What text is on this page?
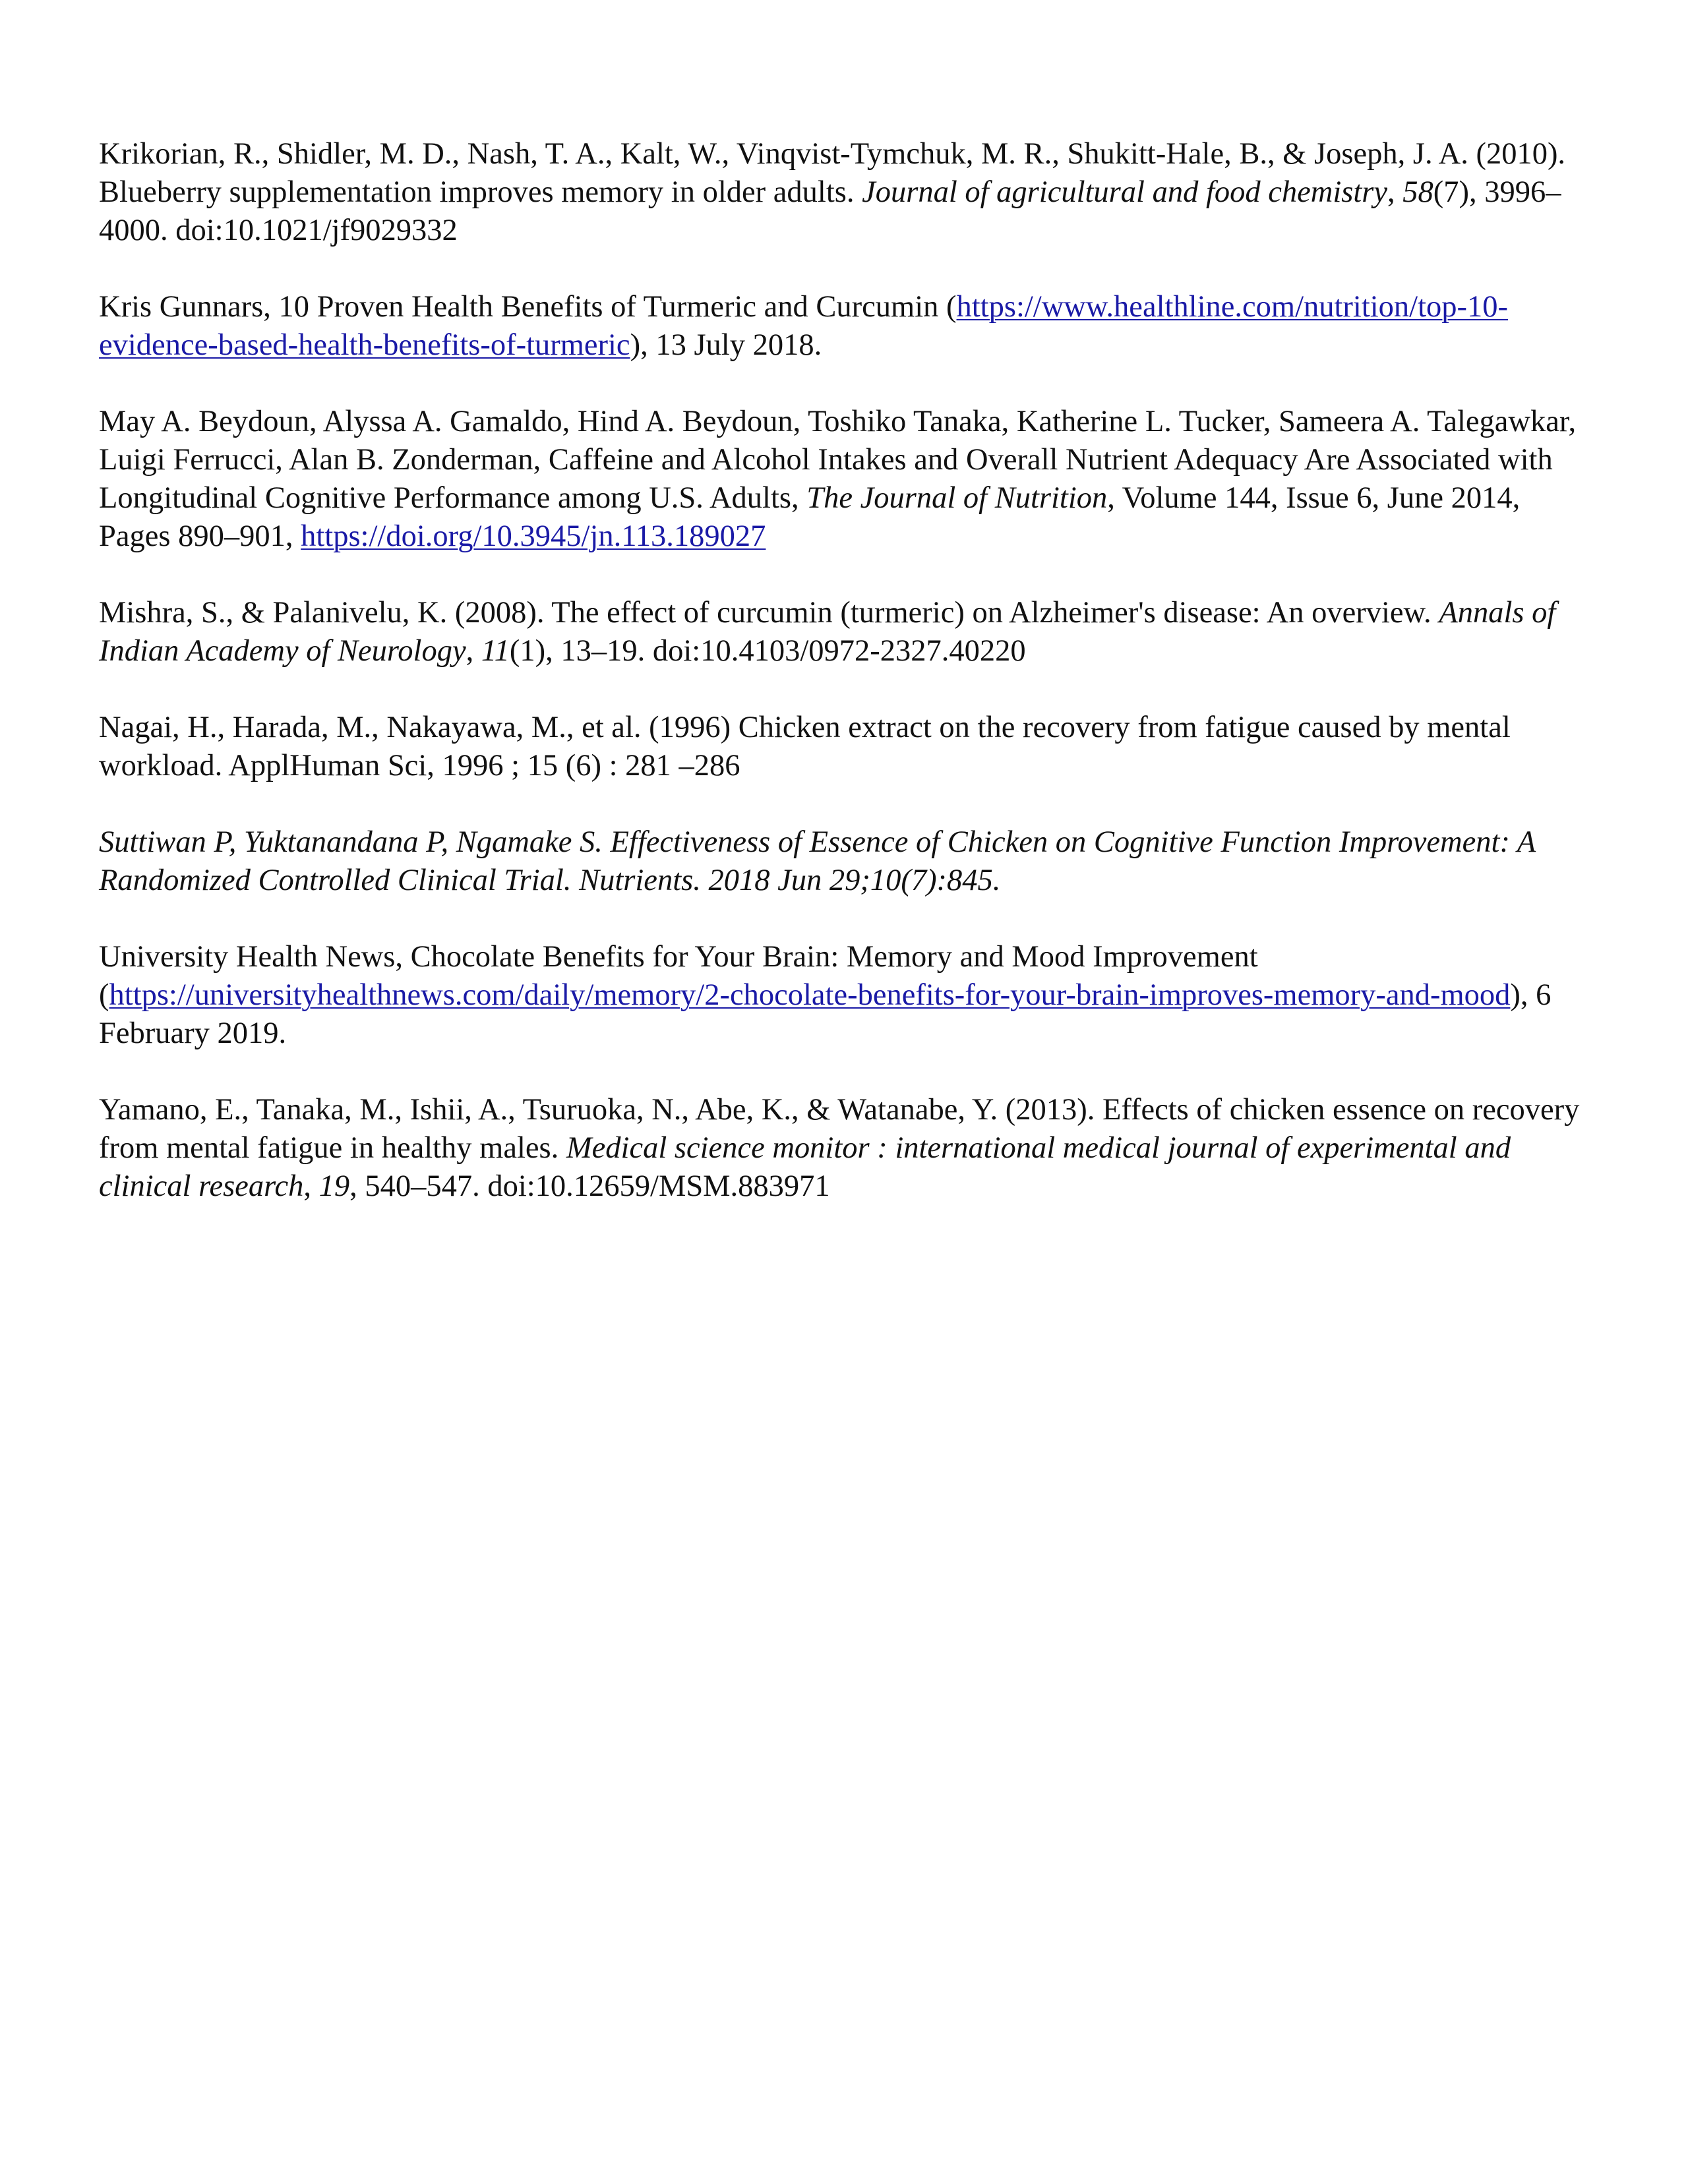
Krikorian, R., Shidler, M. D., Nash, T. A., Kalt, W., Vinqvist-Tymchuk, M. R., Shukitt-Hale, B., & Joseph, J. A. (2010). Blueberry supplementation improves memory in older adults. Journal of agricultural and food chemistry, 58(7), 3996–4000. doi:10.1021/jf9029332

Kris Gunnars, 10 Proven Health Benefits of Turmeric and Curcumin (https://www.healthline.com/nutrition/top-10-evidence-based-health-benefits-of-turmeric), 13 July 2018.

May A. Beydoun, Alyssa A. Gamaldo, Hind A. Beydoun, Toshiko Tanaka, Katherine L. Tucker, Sameera A. Talegawkar, Luigi Ferrucci, Alan B. Zonderman, Caffeine and Alcohol Intakes and Overall Nutrient Adequacy Are Associated with Longitudinal Cognitive Performance among U.S. Adults, The Journal of Nutrition, Volume 144, Issue 6, June 2014, Pages 890–901, https://doi.org/10.3945/jn.113.189027

Mishra, S., & Palanivelu, K. (2008). The effect of curcumin (turmeric) on Alzheimer's disease: An overview. Annals of Indian Academy of Neurology, 11(1), 13–19. doi:10.4103/0972-2327.40220

Nagai, H., Harada, M., Nakayawa, M., et al. (1996) Chicken extract on the recovery from fatigue caused by mental workload. ApplHuman Sci, 1996 ; 15 (6) : 281 –286

Suttiwan P, Yuktanandana P, Ngamake S. Effectiveness of Essence of Chicken on Cognitive Function Improvement: A Randomized Controlled Clinical Trial. Nutrients. 2018 Jun 29;10(7):845.

University Health News, Chocolate Benefits for Your Brain: Memory and Mood Improvement (https://universityhealthnews.com/daily/memory/2-chocolate-benefits-for-your-brain-improves-memory-and-mood), 6 February 2019.

Yamano, E., Tanaka, M., Ishii, A., Tsuruoka, N., Abe, K., & Watanabe, Y. (2013). Effects of chicken essence on recovery from mental fatigue in healthy males. Medical science monitor : international medical journal of experimental and clinical research, 19, 540–547. doi:10.12659/MSM.883971
